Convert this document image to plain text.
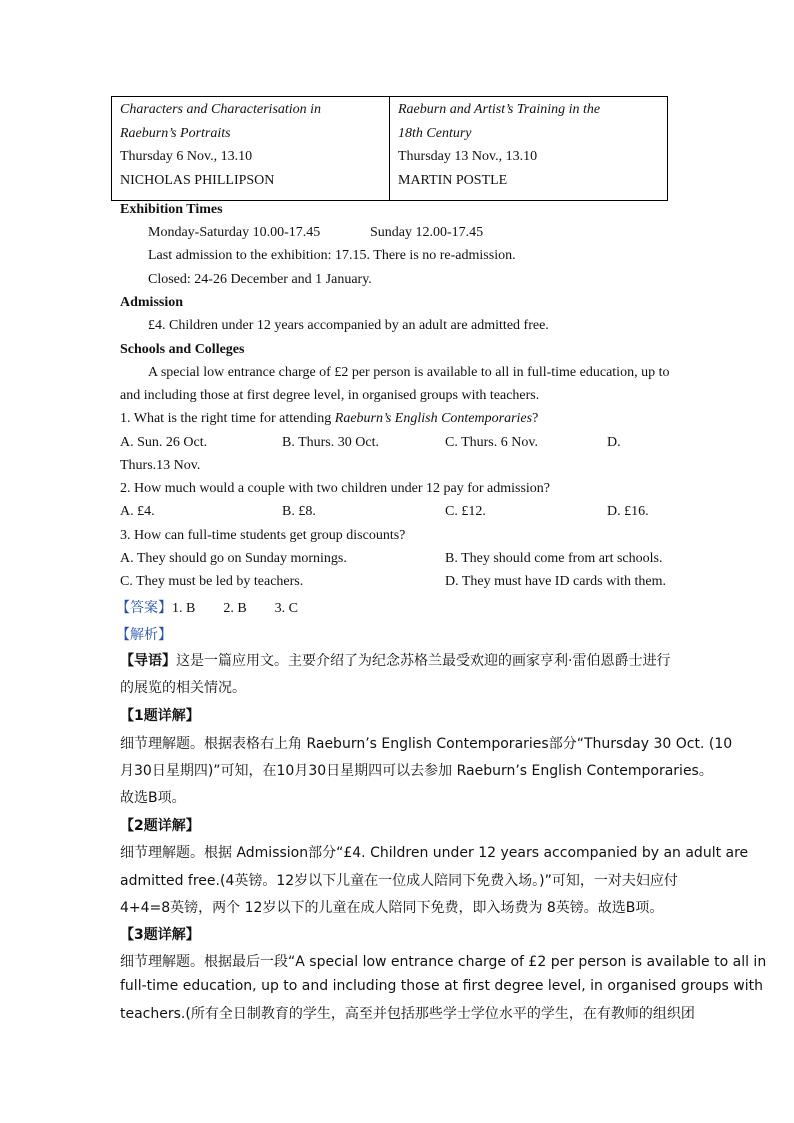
Characters and Characterisation in
Raeburn’s Portraits
Thursday 6 Nov., 13.10
NICHOLAS PHILLIPSON

Raeburn and Artist’s Training in the
18th Century
Thursday 13 Nov., 13.10
MARTIN POSTLE
Exhibition Times
Monday-Saturday 10.00-17.45	Sunday 12.00-17.45
Last admission to the exhibition: 17.15. There is no re-admission.
Closed: 24-26 December and 1 January.
Admission
£4. Children under 12 years accompanied by an adult are admitted free.
Schools and Colleges
A special low entrance charge of £2 per person is available to all in full-time education, up to
and including those at first degree level, in organised groups with teachers.
1. What is the right time for attending Raeburn’s English Contemporaries?
A. Sun. 26 Oct.	B. Thurs. 30 Oct.	C. Thurs. 6 Nov.	D.
Thurs.13 Nov.
2. How much would a couple with two children under 12 pay for admission?
A. £4.	B. £8.	C. £12.	D. £16.
3. How can full-time students get group discounts?
A. They should go on Sunday mornings.	B. They should come from art schools.
C. They must be led by teachers.	D. They must have ID cards with them.
【答案】1. B        2. B        3. C
【解析】
【导语】这是一篇应用文。主要介绍了为纪念苏格兰最受欢迎的画家亨利·雷伯恩爵士进行的展览的相关情况。
【1题详解】
细节理解题。根据表格右上角 Raeburn’s English Contemporaries部分“Thursday 30 Oct. (10
月30日星期四)”可知，在10月30日星期四可以去参加 Raeburn’s English Contemporaries。
故选B项。
【2题详解】
细节理解题。根据 Admission部分“£4. Children under 12 years accompanied by an adult are
admitted free.(4英镑。12岁以下儿童在一位成人陪同下免费入场。)”可知，一对夫妇应付
4+4=8英镑，两个 12岁以下的儿童在成人陪同下免费，即入场费为 8英镑。故选B项。
【3题详解】
细节理解题。根据最后一段“A special low entrance charge of £2 per person is available to all in
full-time education, up to and including those at first degree level, in organised groups with
teachers.(所有全日制教育的学生，高至并包括那些学士学位水平的学生，在有教师的组织团
